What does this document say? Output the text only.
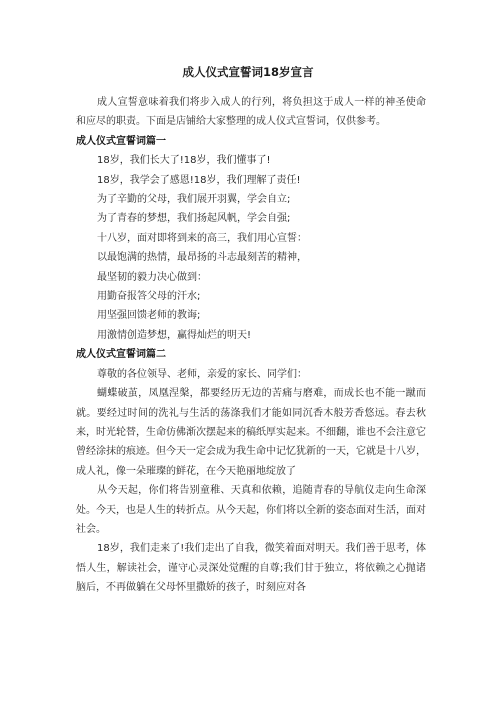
成人仪式宣誓词18岁宣言

成人宣誓意味着我们将步入成人的行列，将负担这于成人一样的神圣使命和应尽的职责。下面是店铺给大家整理的成人仪式宣誓词，仅供参考。

成人仪式宣誓词篇一

18岁，我们长大了!18岁，我们懂事了!

18岁，我学会了感恩!18岁，我们理解了责任!

为了辛勤的父母，我们展开羽翼，学会自立;

为了青春的梦想，我们扬起风帆，学会自强;

十八岁，面对即将到来的高三，我们用心宣誓：

以最饱满的热情，最昂扬的斗志最刻苦的精神，

最坚韧的毅力决心做到：

用勤奋报答父母的汗水;

用坚强回馈老师的教诲;

用激情创造梦想，赢得灿烂的明天!

成人仪式宣誓词篇二

尊敬的各位领导、老师，亲爱的家长、同学们：

蝴蝶破茧，凤凰涅槃，都要经历无边的苦痛与磨难，而成长也不能一蹴而就。要经过时间的洗礼与生活的荡涤我们才能如同沉香木般芳香悠远。春去秋来，时光轮替，生命仿佛渐次摆起来的稿纸厚实起来。不细翻，谁也不会注意它曾经涂抹的痕迹。但今天一定会成为我生命中记忆犹新的一天，它就是十八岁，成人礼，像一朵璀璨的鲜花，在今天艳丽地绽放了

从今天起，你们将告别童稚、天真和依赖，追随青春的导航仪走向生命深处。今天，也是人生的转折点。从今天起，你们将以全新的姿态面对生活，面对社会。

18岁，我们走来了!我们走出了自我，微笑着面对明天。我们善于思考，体悟人生，解读社会，谨守心灵深处觉醒的自尊;我们甘于独立，将依赖之心抛诸脑后，不再做躺在父母怀里撒娇的孩子，时刻应对各
